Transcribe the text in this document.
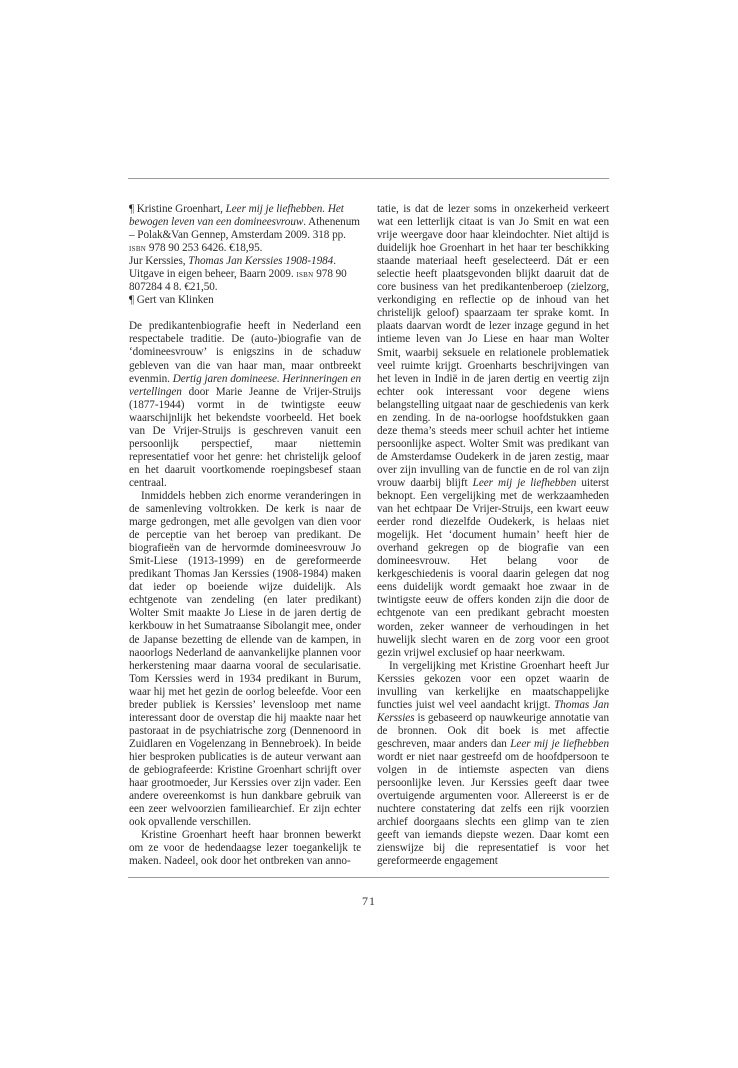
¶ Kristine Groenhart, Leer mij je liefhebben. Het bewogen leven van een domineesvrouw. Athenenum – Polak&Van Gennep, Amsterdam 2009. 318 pp. isbn 978 90 253 6426. €18,95.

Jur Kerssies, Thomas Jan Kerssies 1908-1984. Uitgave in eigen beheer, Baarn 2009. isbn 978 90 807284 4 8. €21,50.

¶ Gert van Klinken

De predikantenbiografie heeft in Nederland een respectabele traditie. De (auto-)biografie van de ‘domineesvrouw’ is enigszins in de schaduw gebleven van die van haar man, maar ontbreekt evenmin. Dertig jaren domineese. Herinneringen en vertellingen door Marie Jeanne de Vrijer-Struijs (1877-1944) vormt in de twintigste eeuw waarschijnlijk het bekendste voorbeeld. Het boek van De Vrijer-Struijs is geschreven vanuit een persoonlijk perspectief, maar niettemin representatief voor het genre: het christelijk geloof en het daaruit voortkomende roepingsbesef staan centraal.

Inmiddels hebben zich enorme veranderingen in de samenleving voltrokken. De kerk is naar de marge gedrongen, met alle gevolgen van dien voor de perceptie van het beroep van predikant. De biografieën van de hervormde domineesvrouw Jo Smit-Liese (1913-1999) en de gereformeerde predikant Thomas Jan Kerssies (1908-1984) maken dat ieder op boeiende wijze duidelijk. Als echtgenote van zendeling (en later predikant) Wolter Smit maakte Jo Liese in de jaren dertig de kerkbouw in het Sumatraanse Sibolangit mee, onder de Japanse bezetting de ellende van de kampen, in naoorlogs Nederland de aanvankelijke plannen voor herkerstening maar daarna vooral de secularisatie. Tom Kerssies werd in 1934 predikant in Burum, waar hij met het gezin de oorlog beleefde. Voor een breder publiek is Kerssies’ levensloop met name interessant door de overstap die hij maakte naar het pastoraat in de psychiatrische zorg (Dennenoord in Zuidlaren en Vogelenzang in Bennebroek). In beide hier besproken publicaties is de auteur verwant aan de gebiografeerde: Kristine Groenhart schrijft over haar grootmoeder, Jur Kerssies over zijn vader. Een andere overeenkomst is hun dankbare gebruik van een zeer welvoorzien familiearchief. Er zijn echter ook opvallende verschillen.

Kristine Groenhart heeft haar bronnen bewerkt om ze voor de hedendaagse lezer toegankelijk te maken. Nadeel, ook door het ontbreken van anno-

tatie, is dat de lezer soms in onzekerheid verkeert wat een letterlijk citaat is van Jo Smit en wat een vrije weergave door haar kleindochter. Niet altijd is duidelijk hoe Groenhart in het haar ter beschikking staande materiaal heeft geselecteerd. Dát er een selectie heeft plaatsgevonden blijkt daaruit dat de core business van het predikantenberoep (zielzorg, verkondiging en reflectie op de inhoud van het christelijk geloof) spaarzaam ter sprake komt. In plaats daarvan wordt de lezer inzage gegund in het intieme leven van Jo Liese en haar man Wolter Smit, waarbij seksuele en relationele problematiek veel ruimte krijgt. Groenharts beschrijvingen van het leven in Indië in de jaren dertig en veertig zijn echter ook interessant voor degene wiens belangstelling uitgaat naar de geschiedenis van kerk en zending. In de na-oorlogse hoofdstukken gaan deze thema’s steeds meer schuil achter het intieme persoonlijke aspect. Wolter Smit was predikant van de Amsterdamse Oudekerk in de jaren zestig, maar over zijn invulling van de functie en de rol van zijn vrouw daarbij blijft Leer mij je liefhebben uiterst beknopt. Een vergelijking met de werkzaamheden van het echtpaar De Vrijer-Struijs, een kwart eeuw eerder rond diezelfde Oudekerk, is helaas niet mogelijk. Het ‘document humain’ heeft hier de overhand gekregen op de biografie van een domineesvrouw. Het belang voor de kerkgeschiedenis is vooral daarin gelegen dat nog eens duidelijk wordt gemaakt hoe zwaar in de twintigste eeuw de offers konden zijn die door de echtgenote van een predikant gebracht moesten worden, zeker wanneer de verhoudingen in het huwelijk slecht waren en de zorg voor een groot gezin vrijwel exclusief op haar neerkwam.

In vergelijking met Kristine Groenhart heeft Jur Kerssies gekozen voor een opzet waarin de invulling van kerkelijke en maatschappelijke functies juist wel veel aandacht krijgt. Thomas Jan Kerssies is gebaseerd op nauwkeurige annotatie van de bronnen. Ook dit boek is met affectie geschreven, maar anders dan Leer mij je liefhebben wordt er niet naar gestreefd om de hoofdpersoon te volgen in de intiemste aspecten van diens persoonlijke leven. Jur Kerssies geeft daar twee overtuigende argumenten voor. Allereerst is er de nuchtere constatering dat zelfs een rijk voorzien archief doorgaans slechts een glimp van te zien geeft van iemands diepste wezen. Daar komt een zienswijze bij die representatief is voor het gereformeerde engagement

71
